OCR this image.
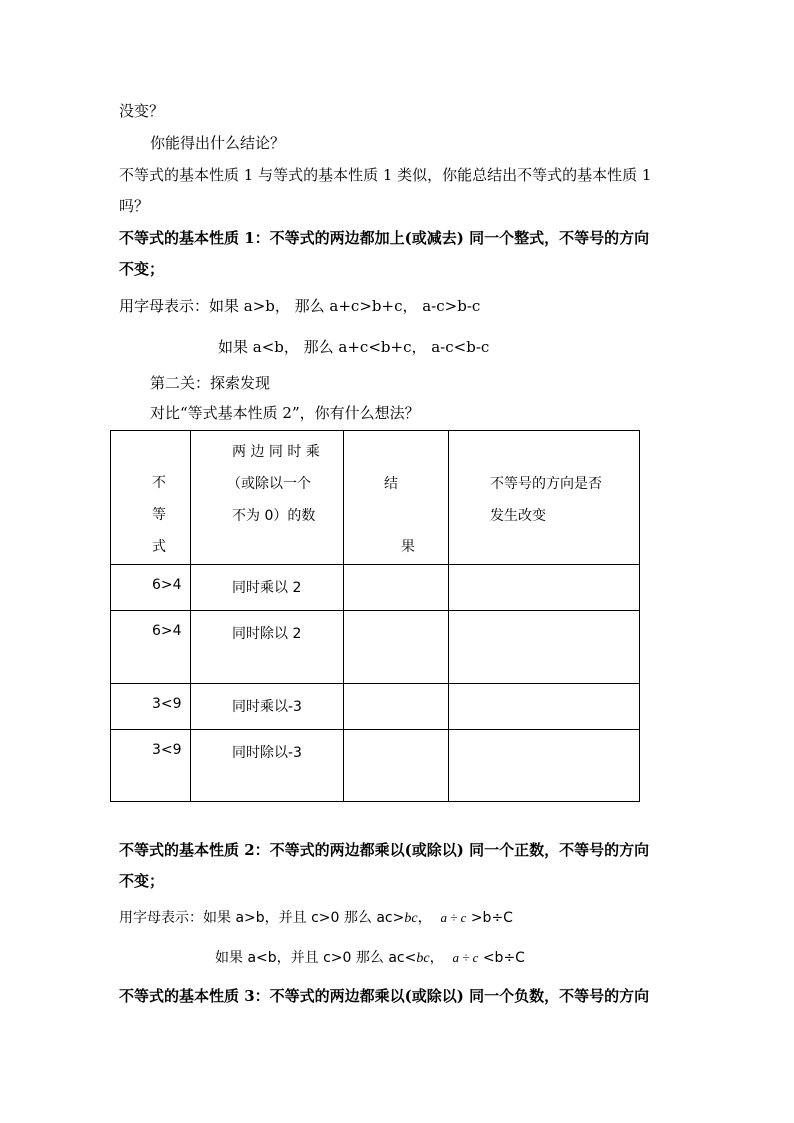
没变？
你能得出什么结论？
不等式的基本性质 1 与等式的基本性质 1 类似，你能总结出不等式的基本性质 1
吗？
不等式的基本性质 1：不等式的两边都加上(或减去) 同一个整式，不等号的方向
不变；
用字母表示：如果 a>b， 那么 a+c>b+c， a-c>b-c
如果 a<b， 那么 a+c<b+c， a-c<b-c
第二关：探索发现
对比“等式基本性质 2”，你有什么想法？
不
等
式	两 边 同 时 乘
（或除以一个
不为 0）的数	结
果	不等号的方向是否
发生改变

6>4	同时乘以 2		

6>4	同时除以 2		

3<9	同时乘以-3		

3<9	同时除以-3		

不等式的基本性质 2：不等式的两边都乘以(或除以) 同一个正数，不等号的方向
不变；
用字母表示：如果 a>b，并且 c>0 那么 ac>bc， a ÷ c >b÷C
如果 a<b，并且 c>0 那么 ac<bc， a ÷ c <b÷C
不等式的基本性质 3：不等式的两边都乘以(或除以) 同一个负数，不等号的方向
